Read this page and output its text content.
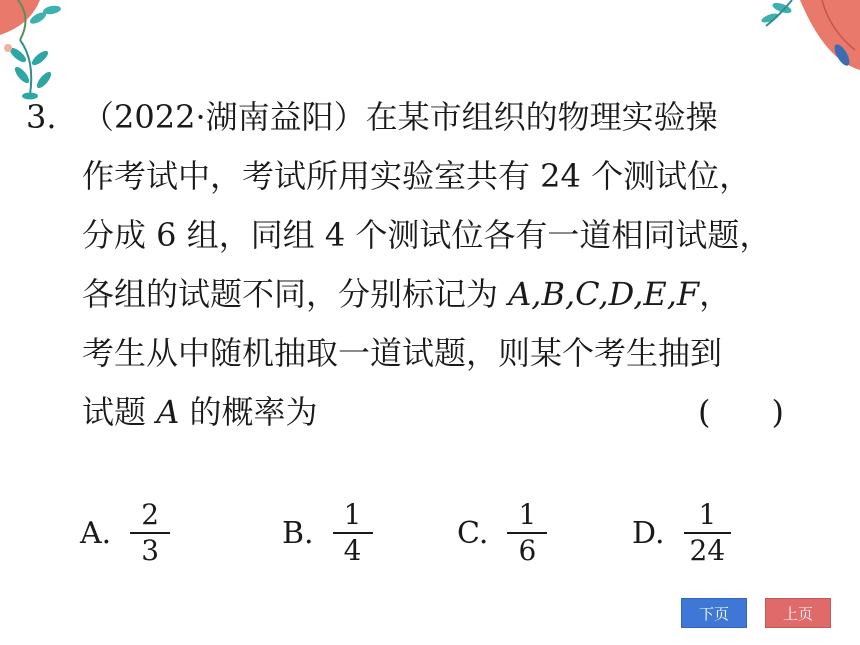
3. （2022·湖南益阳）在某市组织的物理实验操
作考试中，考试所用实验室共有 24 个测试位，
分成 6 组，同组 4 个测试位各有一道相同试题，
各组的试题不同，分别标记为 A,B,C,D,E,F，
考生从中随机抽取一道试题，则某个考生抽到
试题 A 的概率为	(      )
A. $\frac{2}{3}$	B. $\frac{1}{4}$	C. $\frac{1}{6}$	D. $\frac{1}{24}$
下页	上页
